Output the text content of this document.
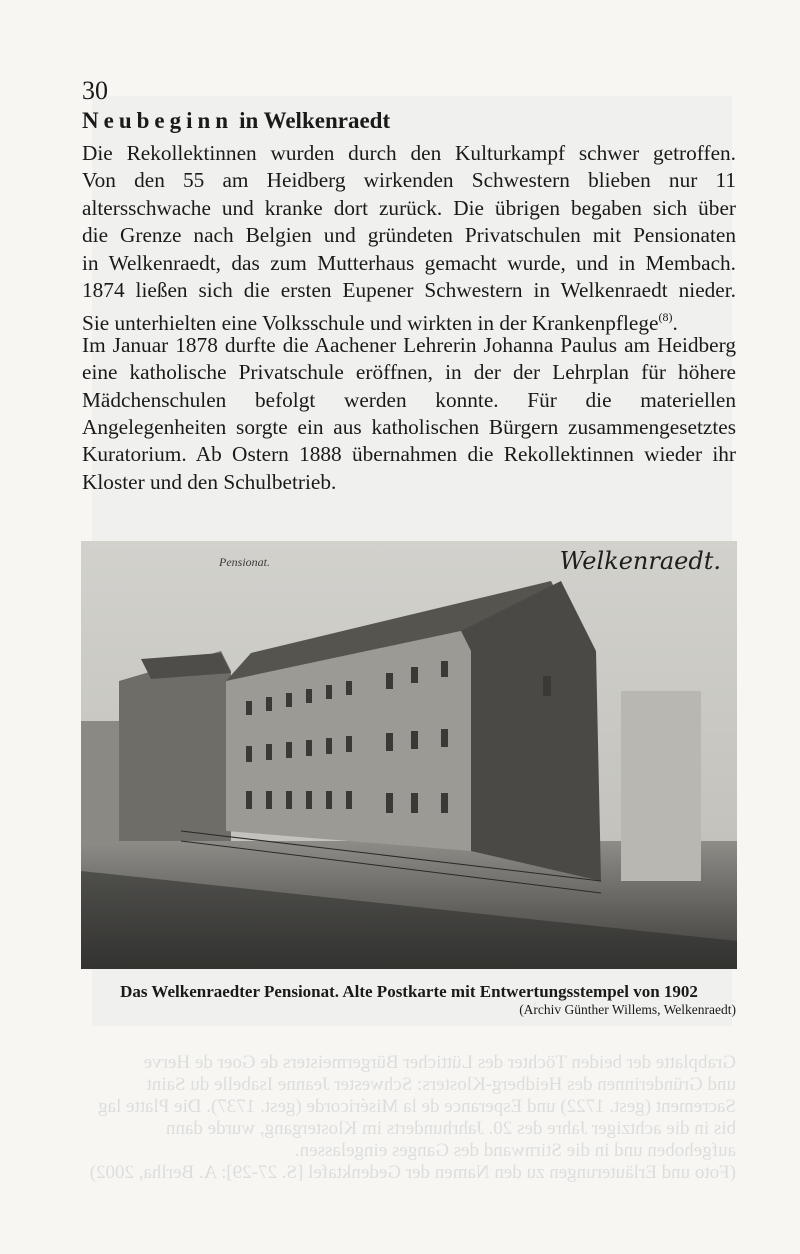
30
Neubeginn in Welkenraedt
Die Rekollektinnen wurden durch den Kulturkampf schwer getroffen.
Von den 55 am Heidberg wirkenden Schwestern blieben nur 11
altersschwache und kranke dort zurück. Die übrigen begaben sich über
die Grenze nach Belgien und gründeten Privatschulen mit Pensionaten
in Welkenraedt, das zum Mutterhaus gemacht wurde, und in Membach.
1874 ließen sich die ersten Eupener Schwestern in Welkenraedt nieder.
Sie unterhielten eine Volksschule und wirkten in der Krankenpflege$^{(8)}$.
Im Januar 1878 durfte die Aachener Lehrerin Johanna Paulus am Heidberg
eine katholische Privatschule eröffnen, in der der Lehrplan für höhere
Mädchenschulen befolgt werden konnte. Für die materiellen
Angelegenheiten sorgte ein aus katholischen Bürgern zusammengesetztes
Kuratorium. Ab Ostern 1888 übernahmen die Rekollektinnen wieder ihr
Kloster und den Schulbetrieb.
Pensionat.	Welkenraedt.
Das Welkenraedter Pensionat. Alte Postkarte mit Entwertungsstempel von 1902
(Archiv Günther Willems, Welkenraedt)
Grabplatte der beiden Töchter des Lütticher Bürgermeisters de Goer de Herve
und Gründerinnen des Heidberg-Klosters: Schwester Jeanne Isabelle du Saint
Sacrement (gest. 1722) und Esperance de la Miséricorde (gest. 1737). Die Platte lag
bis in die achtziger Jahre des 20. Jahrhunderts im Klostergang, wurde dann
aufgehoben und in die Stirnwand des Ganges eingelassen.
(Foto und Erläuterungen zu den Namen der Gedenktafel [S. 27-29]: A. Berlha, 2002)
